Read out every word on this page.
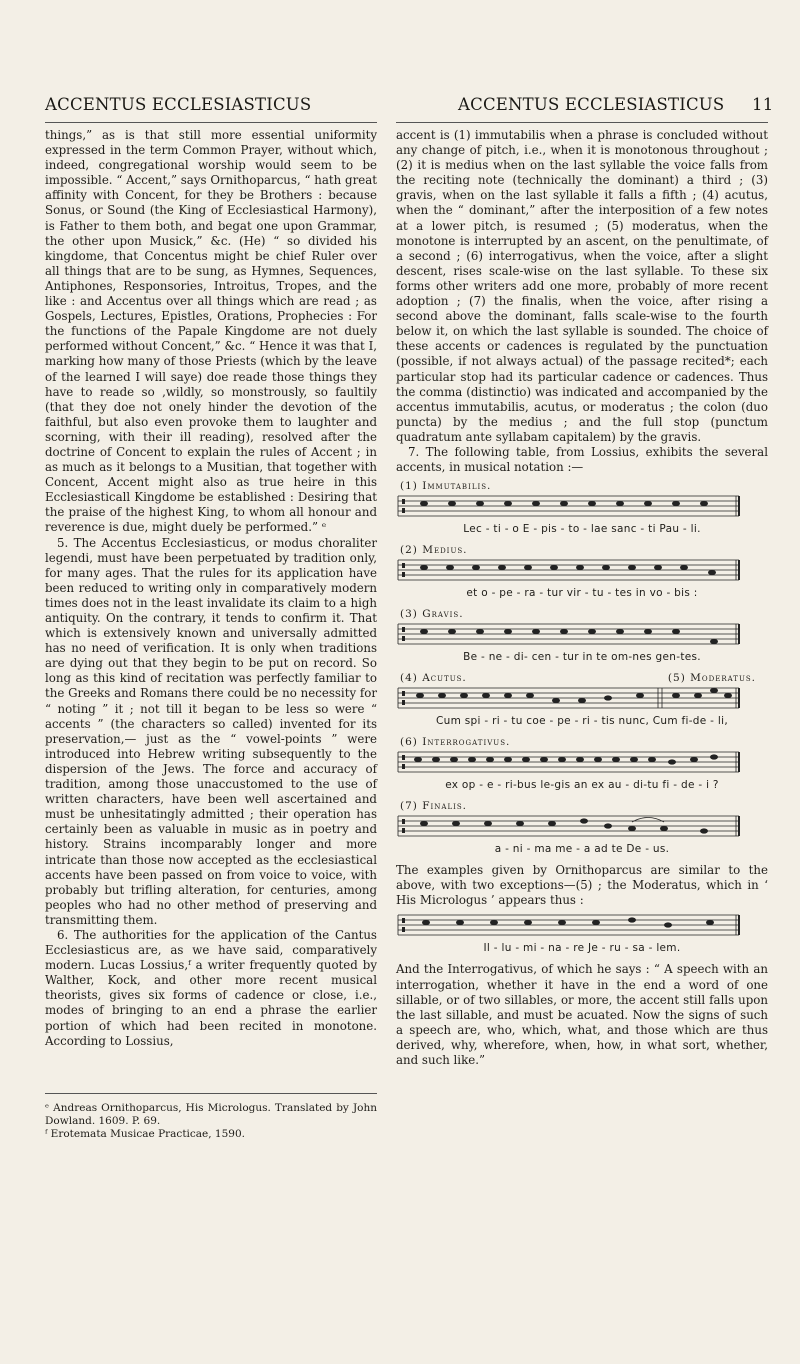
ACCENTUS ECCLESIASTICUS	ACCENTUS ECCLESIASTICUS 11

things,” as is that still more essential uniformity expressed in the term Common Prayer, without which, indeed, congregational worship would seem to be impossible. “ Accent,” says Ornithoparcus, “ hath great affinity with Concent, for they be Brothers : because Sonus, or Sound (the King of Ecclesiastical Harmony), is Father to them both, and begat one upon Grammar, the other upon Musick,” &c. (He) “ so divided his kingdome, that Concentus might be chief Ruler over all things that are to be sung, as Hymnes, Sequences, Antiphones, Responsories, Introitus, Tropes, and the like : and Accentus over all things which are read ; as Gospels, Lectures, Epistles, Orations, Prophecies : For the functions of the Papale Kingdome are not duely performed without Concent,” &c. “ Hence it was that I, marking how many of those Priests (which by the leave of the learned I will saye) doe reade those things they have to reade so ,wildly, so monstrously, so faultily (that they doe not onely hinder the devotion of the faithful, but also even provoke them to laughter and scorning, with their ill reading), resolved after the doctrine of Concent to explain the rules of Accent ; in as much as it belongs to a Musitian, that together with Concent, Accent might also as true heire in this Ecclesiasticall Kingdome be established : Desiring that the praise of the highest King, to whom all honour and reverence is due, might duely be performed.” ᵉ

5. The Accentus Ecclesiasticus, or modus choraliter legendi, must have been perpetuated by tradition only, for many ages. That the rules for its application have been reduced to writing only in comparatively modern times does not in the least invalidate its claim to a high antiquity. On the contrary, it tends to confirm it. That which is extensively known and universally admitted has no need of verification. It is only when traditions are dying out that they begin to be put on record. So long as this kind of recitation was perfectly familiar to the Greeks and Romans there could be no necessity for “ noting ” it ; not till it began to be less so were “ accents ” (the characters so called) invented for its preservation,— just as the “ vowel-points ” were introduced into Hebrew writing subsequently to the dispersion of the Jews. The force and accuracy of tradition, among those unaccustomed to the use of written characters, have been well ascertained and must be unhesitatingly admitted ; their operation has certainly been as valuable in music as in poetry and history. Strains incomparably longer and more intricate than those now accepted as the ecclesiastical accents have been passed on from voice to voice, with probably but trifling alteration, for centuries, among peoples who had no other method of preserving and transmitting them.

6. The authorities for the application of the Cantus Ecclesiasticus are, as we have said, comparatively modern. Lucas Lossius,ᶠ a writer frequently quoted by Walther, Kock, and other more recent musical theorists, gives six forms of cadence or close, i.e., modes of bringing to an end a phrase the earlier portion of which had been recited in monotone. According to Lossius,

ᵉ Andreas Ornithoparcus, His Micrologus. Translated by John Dowland. 1609. P. 69.

ᶠ Erotemata Musicae Practicae, 1590.

accent is (1) immutabilis when a phrase is concluded without any change of pitch, i.e., when it is monotonous throughout ; (2) it is medius when on the last syllable the voice falls from the reciting note (technically the dominant) a third ; (3) gravis, when on the last syllable it falls a fifth ; (4) acutus, when the “ dominant,” after the interposition of a few notes at a lower pitch, is resumed ; (5) moderatus, when the monotone is interrupted by an ascent, on the penultimate, of a second ; (6) interrogativus, when the voice, after a slight descent, rises scale-wise on the last syllable. To these six forms other writers add one more, probably of more recent adoption ; (7) the finalis, when the voice, after rising a second above the dominant, falls scale-wise to the fourth below it, on which the last syllable is sounded. The choice of these accents or cadences is regulated by the punctuation (possible, if not always actual) of the passage recited*; each particular stop had its particular cadence or cadences. Thus the comma (distinctio) was indicated and accompanied by the accentus immutabilis, acutus, or moderatus ; the colon (duo puncta) by the medius ; and the full stop (punctum quadratum ante syllabam capitalem) by the gravis.

7. The following table, from Lossius, exhibits the several accents, in musical notation :—

(1) Immutabilis.
Lec - ti - o E - pis - to - lae sanc - ti Pau - li.
(2) Medius.
et o - pe - ra - tur vir - tu - tes in vo - bis :
(3) Gravis.
Be - ne - di- cen - tur in te om-nes gen-tes.
(4) Acutus.	(5) Moderatus.
Cum spi - ri - tu coe - pe - ri - tis nunc, Cum fi-de - li,
(6) Interrogativus.
ex op - e - ri-bus le-gis an ex au - di-tu fi - de - i ?
(7) Finalis.
a - ni - ma me - a ad te De - us.

The examples given by Ornithoparcus are similar to the above, with two exceptions—(5) ; the Moderatus, which in ‘ His Micrologus ’ appears thus :

Il - lu - mi - na - re Je - ru - sa - lem.

And the Interrogativus, of which he says : “ A speech with an interrogation, whether it have in the end a word of one sillable, or of two sillables, or more, the accent still falls upon the last sillable, and must be acuated. Now the signs of such a speech are, who, which, what, and those which are thus derived, why, wherefore, when, how, in what sort, whether, and such like.”
